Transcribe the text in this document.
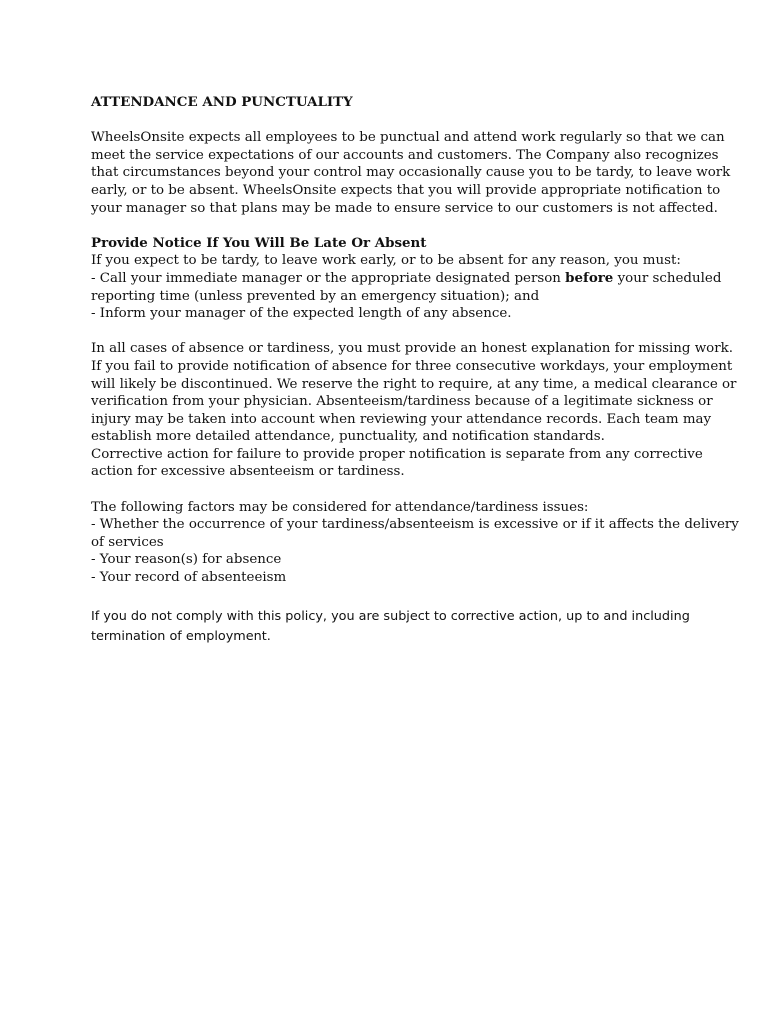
ATTENDANCE AND PUNCTUALITY
WheelsOnsite expects all employees to be punctual and attend work regularly so that we can
meet the service expectations of our accounts and customers. The Company also recognizes
that circumstances beyond your control may occasionally cause you to be tardy, to leave work
early, or to be absent. WheelsOnsite expects that you will provide appropriate notification to
your manager so that plans may be made to ensure service to our customers is not affected.
Provide Notice If You Will Be Late Or Absent
If you expect to be tardy, to leave work early, or to be absent for any reason, you must:
- Call your immediate manager or the appropriate designated person before your scheduled
reporting time (unless prevented by an emergency situation); and
- Inform your manager of the expected length of any absence.
In all cases of absence or tardiness, you must provide an honest explanation for missing work.
If you fail to provide notification of absence for three consecutive workdays, your employment
will likely be discontinued. We reserve the right to require, at any time, a medical clearance or
verification from your physician. Absenteeism/tardiness because of a legitimate sickness or
injury may be taken into account when reviewing your attendance records. Each team may
establish more detailed attendance, punctuality, and notification standards.
Corrective action for failure to provide proper notification is separate from any corrective
action for excessive absenteeism or tardiness.
The following factors may be considered for attendance/tardiness issues:
- Whether the occurrence of your tardiness/absenteeism is excessive or if it affects the delivery
of services
- Your reason(s) for absence
- Your record of absenteeism
If you do not comply with this policy, you are subject to corrective action, up to and including
termination of employment.
